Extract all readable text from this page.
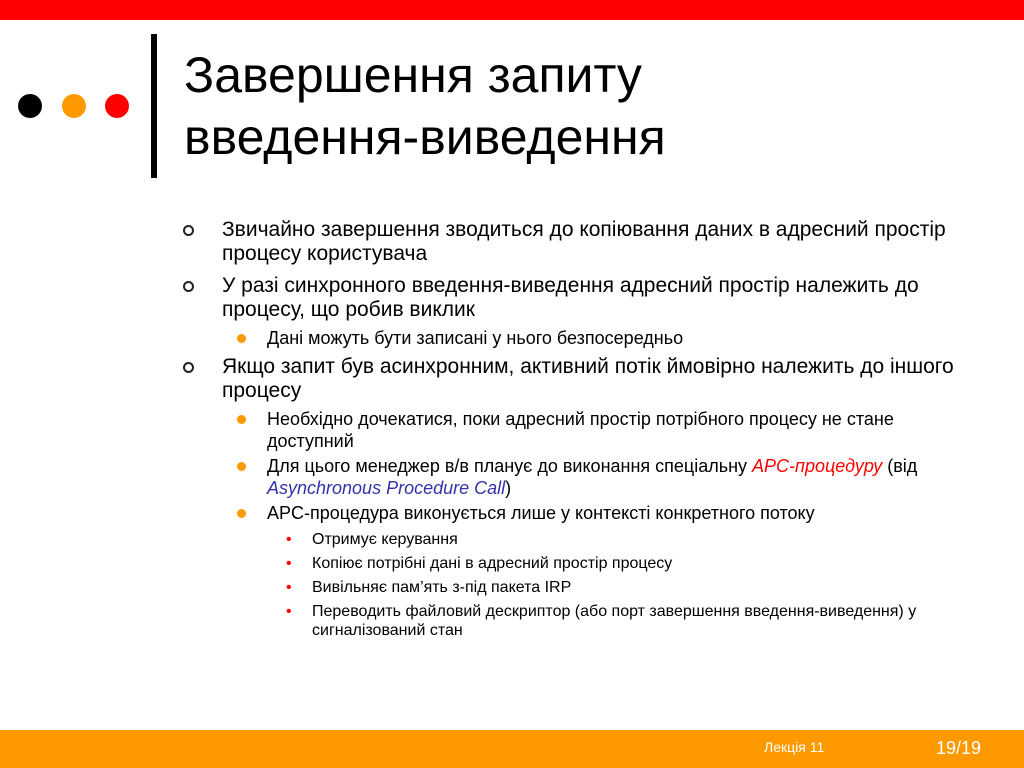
Завершення запиту
введення-виведення
Звичайно завершення зводиться до копіювання даних в адресний простір процесу користувача
У разі синхронного введення-виведення адресний простір належить до процесу, що робив виклик
Дані можуть бути записані у нього безпосередньо
Якщо запит був асинхронним, активний потік ймовірно належить до іншого процесу
Необхідно дочекатися, поки адресний простір потрібного процесу не стане доступний
Для цього менеджер в/в планує до виконання спеціальну APC-процедуру (від Asynchronous Procedure Call)
APC-процедура виконується лише у контексті конкретного потоку
• Отримує керування
• Копіює потрібні дані в адресний простір процесу
• Вивільняє пам’ять з-під пакета IRP
• Переводить файловий дескриптор (або порт завершення введення-виведення) у сигналізований стан
Лекція 11	19/19
